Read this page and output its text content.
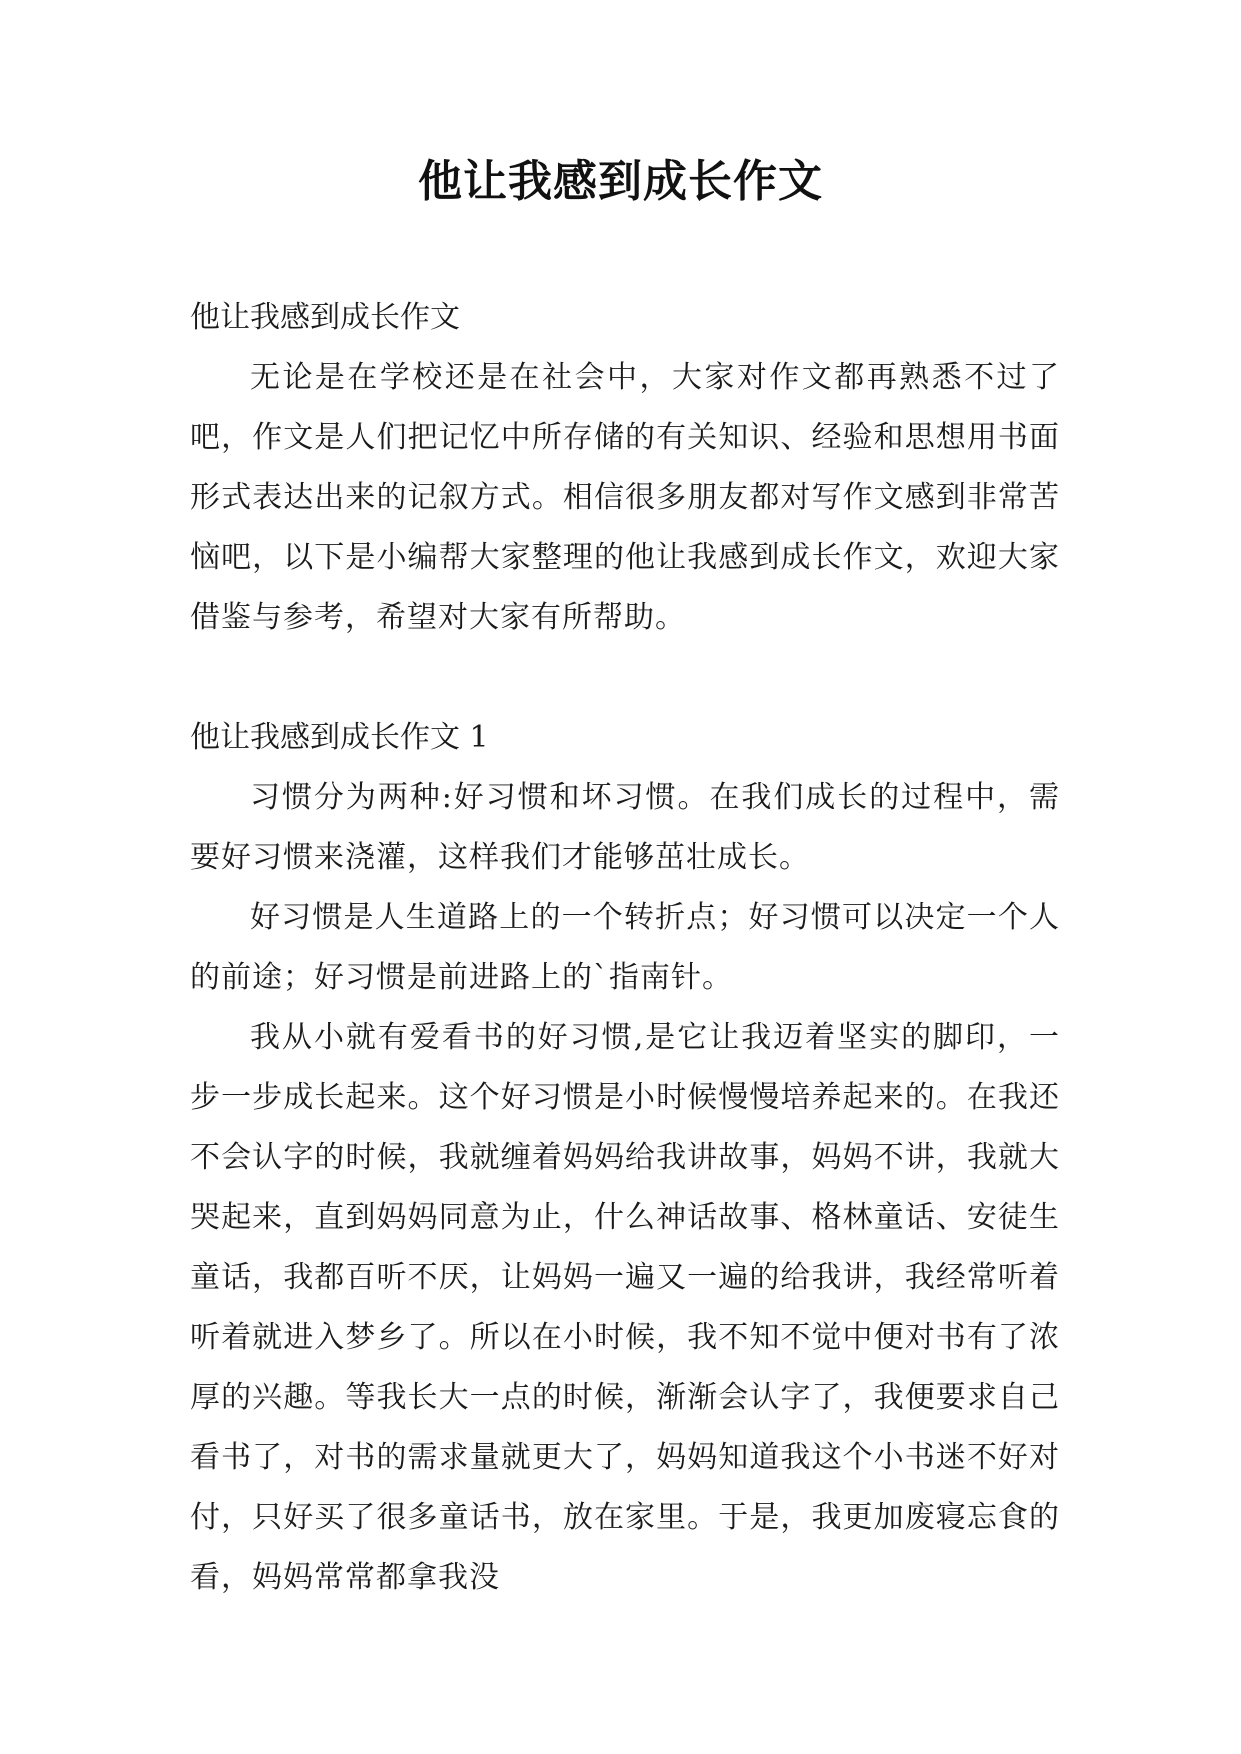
他让我感到成长作文

他让我感到成长作文

无论是在学校还是在社会中，大家对作文都再熟悉不过了吧，作文是人们把记忆中所存储的有关知识、经验和思想用书面形式表达出来的记叙方式。相信很多朋友都对写作文感到非常苦恼吧，以下是小编帮大家整理的他让我感到成长作文，欢迎大家借鉴与参考，希望对大家有所帮助。

他让我感到成长作文 1

习惯分为两种:好习惯和坏习惯。在我们成长的过程中，需要好习惯来浇灌，这样我们才能够茁壮成长。

好习惯是人生道路上的一个转折点；好习惯可以决定一个人的前途；好习惯是前进路上的`指南针。

我从小就有爱看书的好习惯,是它让我迈着坚实的脚印，一步一步成长起来。这个好习惯是小时候慢慢培养起来的。在我还不会认字的时候，我就缠着妈妈给我讲故事，妈妈不讲，我就大哭起来，直到妈妈同意为止，什么神话故事、格林童话、安徒生童话，我都百听不厌，让妈妈一遍又一遍的给我讲，我经常听着听着就进入梦乡了。所以在小时候，我不知不觉中便对书有了浓厚的兴趣。等我长大一点的时候，渐渐会认字了，我便要求自己看书了，对书的需求量就更大了，妈妈知道我这个小书迷不好对付，只好买了很多童话书，放在家里。于是，我更加废寝忘食的看，妈妈常常都拿我没
